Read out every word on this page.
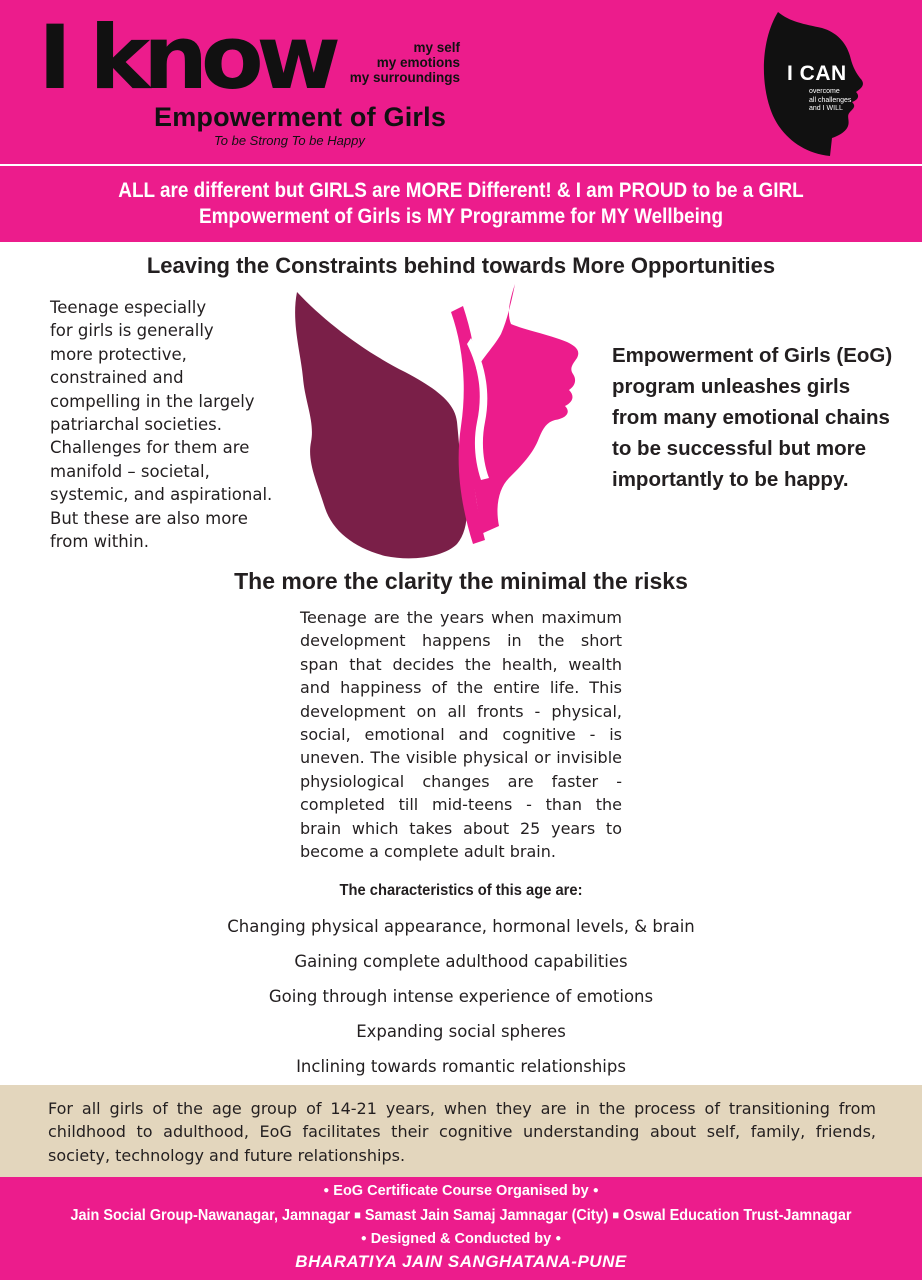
I know	my self
my emotions
my surroundings
Empowerment of Girls
To be Strong To be Happy
I CAN
overcome
all challenges
and I WILL
ALL are different but GIRLS are MORE Different! & I am PROUD to be a GIRL
Empowerment of Girls is MY Programme for MY Wellbeing
Leaving the Constraints behind towards More Opportunities
Teenage especially
for girls is generally
more protective,
constrained and
compelling in the largely
patriarchal societies.
Challenges for them are
manifold – societal,
systemic, and aspirational.
But these are also more
from within.
Empowerment of Girls (EoG)
program unleashes girls
from many emotional chains
to be successful but more
importantly to be happy.
The more the clarity the minimal the risks
Teenage are the years when maximum
development happens in the short
span that decides the health, wealth
and happiness of the entire life. This
development on all fronts - physical,
social, emotional and cognitive - is
uneven. The visible physical or invisible
physiological changes are faster -
completed till mid-teens - than the
brain which takes about 25 years to
become a complete adult brain.
The characteristics of this age are:
Changing physical appearance, hormonal levels, & brain
Gaining complete adulthood capabilities
Going through intense experience of emotions
Expanding social spheres
Inclining towards romantic relationships
For all girls of the age group of 14-21 years, when they are in the process of transitioning from
childhood to adulthood, EoG facilitates their cognitive understanding about self, family, friends,
society, technology and future relationships.
● EoG Certificate Course Organised by ●
Jain Social Group-Nawanagar, Jamnagar ■ Samast Jain Samaj Jamnagar (City) ■ Oswal Education Trust-Jamnagar
● Designed & Conducted by ●
BHARATIYA JAIN SANGHATANA-PUNE
